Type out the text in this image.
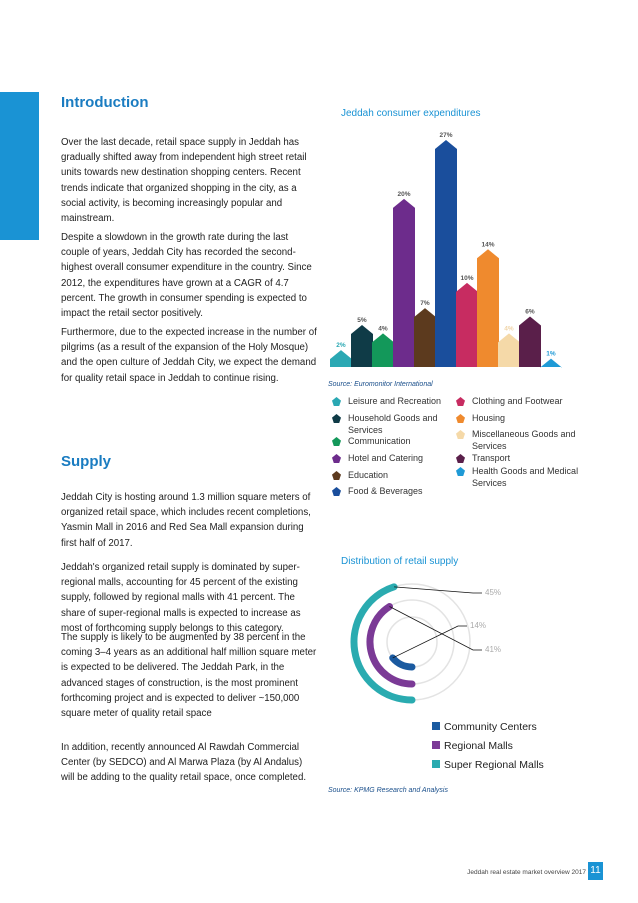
Introduction

Over the last decade, retail space supply in Jeddah has gradually shifted away from independent high street retail units towards new destination shopping centers. Recent trends indicate that organized shopping in the city, as a social activity, is becoming increasingly popular and mainstream.

Despite a slowdown in the growth rate during the last couple of years, Jeddah City has recorded the second-highest overall consumer expenditure in the country. Since 2012, the expenditures have grown at a CAGR of 4.7 percent. The growth in consumer spending is expected to impact the retail sector positively.

Furthermore, due to the expected increase in the number of pilgrims (as a result of the expansion of the Holy Mosque) and the open culture of Jeddah City, we expect the demand for quality retail space in Jeddah to continue rising.

Supply

Jeddah City is hosting around 1.3 million square meters of organized retail space, which includes recent completions, Yasmin Mall in 2016 and Red Sea Mall expansion during first half of 2017.

Jeddah's organized retail supply is dominated by super-regional malls, accounting for 45 percent of the existing supply, followed by regional malls with 41 percent. The share of super-regional malls is expected to increase as most of forthcoming supply belongs to this category.

The supply is likely to be augmented by 38 percent in the coming 3–4 years as an additional half million square meter is expected to be delivered. The Jeddah Park, in the advanced stages of construction, is the most prominent forthcoming project and is expected to deliver ~150,000 square meter of quality retail space

In addition, recently announced Al Rawdah Commercial Center (by SEDCO) and Al Marwa Plaza (by Al Andalus) will be adding to the quality retail space, once completed.

Jeddah consumer expenditures
2%
5%
4%
20%
7%
27%
10%
14%
4%
6%
1%
Source: Euromonitor International
Leisure and Recreation
Household Goods and Services
Communication
Hotel and Catering
Education
Food & Beverages
Clothing and Footwear
Housing
Miscellaneous Goods and Services
Transport
Health Goods and Medical Services
Distribution of retail supply
14%
41%
45%
Community Centers
Regional Malls
Super Regional Malls
Source: KPMG Research and Analysis
Jeddah real estate market overview 2017 11
